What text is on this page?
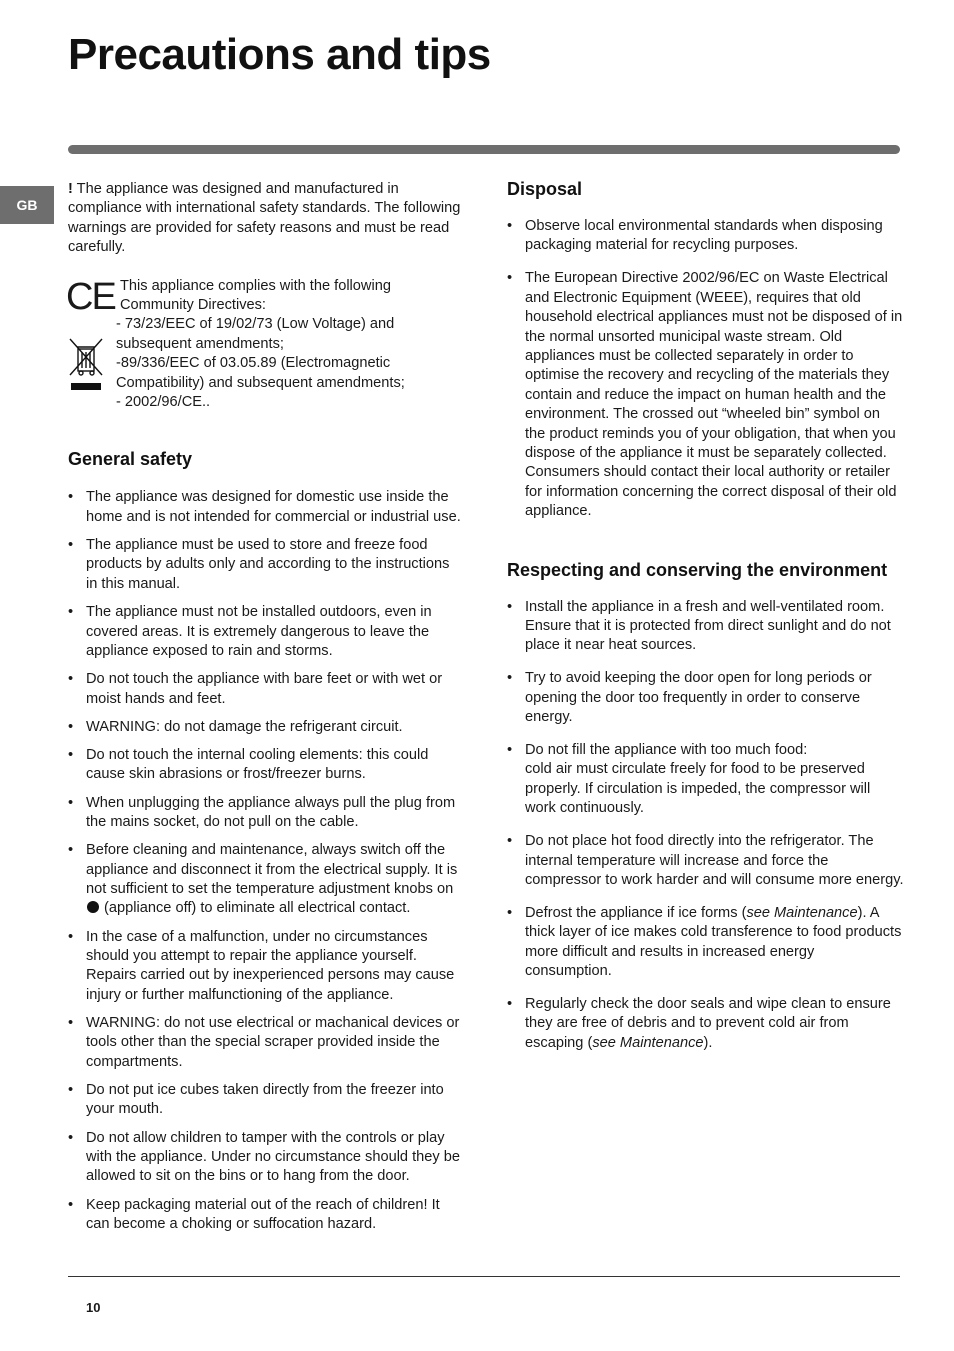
Precautions and tips
GB

! The appliance was designed and manufactured in compliance with international safety standards. The following warnings are provided for safety reasons and must be read carefully.

CE This appliance complies with the following Community Directives:

- 73/23/EEC of 19/02/73 (Low Voltage) and subsequent amendments;

-89/336/EEC of 03.05.89 (Electromagnetic Compatibility) and subsequent amendments;

- 2002/96/CE..

General safety
• The appliance was designed for domestic use inside the home and is not intended for commercial or industrial use.
• The appliance must be used to store and freeze food products by adults only and according to the instructions in this manual.
• The appliance must not be installed outdoors, even in covered areas. It is extremely dangerous to leave the appliance exposed to rain and storms.
• Do not touch the appliance with bare feet or with wet or moist hands and feet.
• WARNING: do not damage the refrigerant circuit.
• Do not touch the internal cooling elements: this could cause skin abrasions or frost/freezer burns.
• When unplugging the appliance always pull the plug from the mains socket, do not pull on the cable.
• Before cleaning and maintenance, always switch off the appliance and disconnect it from the electrical supply. It is not sufficient to set the temperature adjustment knobs on  (appliance off) to eliminate all electrical contact.
• In the case of a malfunction, under no circumstances should you attempt to repair the appliance yourself. Repairs carried out by inexperienced persons may cause injury or further malfunctioning of the appliance.
• WARNING: do not use electrical or machanical devices or tools other than the special scraper provided inside the compartments.
• Do not put ice cubes taken directly from the freezer into your mouth.
• Do not allow children to tamper with the controls or play with the appliance. Under no circumstance should they be allowed to sit on the bins or to hang from the door.
• Keep packaging material out of the reach of children! It can become a choking or suffocation hazard.
Disposal
• Observe local environmental standards when disposing packaging material for recycling purposes.
• The European Directive 2002/96/EC on Waste Electrical and Electronic Equipment (WEEE), requires that old household electrical appliances must not be disposed of in the normal unsorted municipal waste stream. Old appliances must be collected separately in order to optimise the recovery and recycling of the materials they contain and reduce the impact on human health and the environment. The crossed out “wheeled bin” symbol on the product reminds you of your obligation, that when you dispose of the appliance it must be separately collected.
Consumers should contact their local authority or retailer for information concerning the correct disposal of their old appliance.
Respecting and conserving the environment
• Install the appliance in a fresh and well-ventilated room. Ensure that it is protected from direct sunlight and do not place it near heat sources.
• Try to avoid keeping the door open for long periods or opening the door too frequently in order to conserve energy.
• Do not fill the appliance with too much food:
cold air must circulate freely for food to be preserved properly. If circulation is impeded, the compressor will work continuously.
• Do not place hot food directly into the refrigerator. The internal temperature will increase and force the compressor to work harder and will consume more energy.
• Defrost the appliance if ice forms (see Maintenance). A thick layer of ice makes cold transference to food products more difficult and results in increased energy consumption.
• Regularly check the door seals and wipe clean to ensure they are free of debris and to prevent cold air from escaping (see Maintenance).
10
